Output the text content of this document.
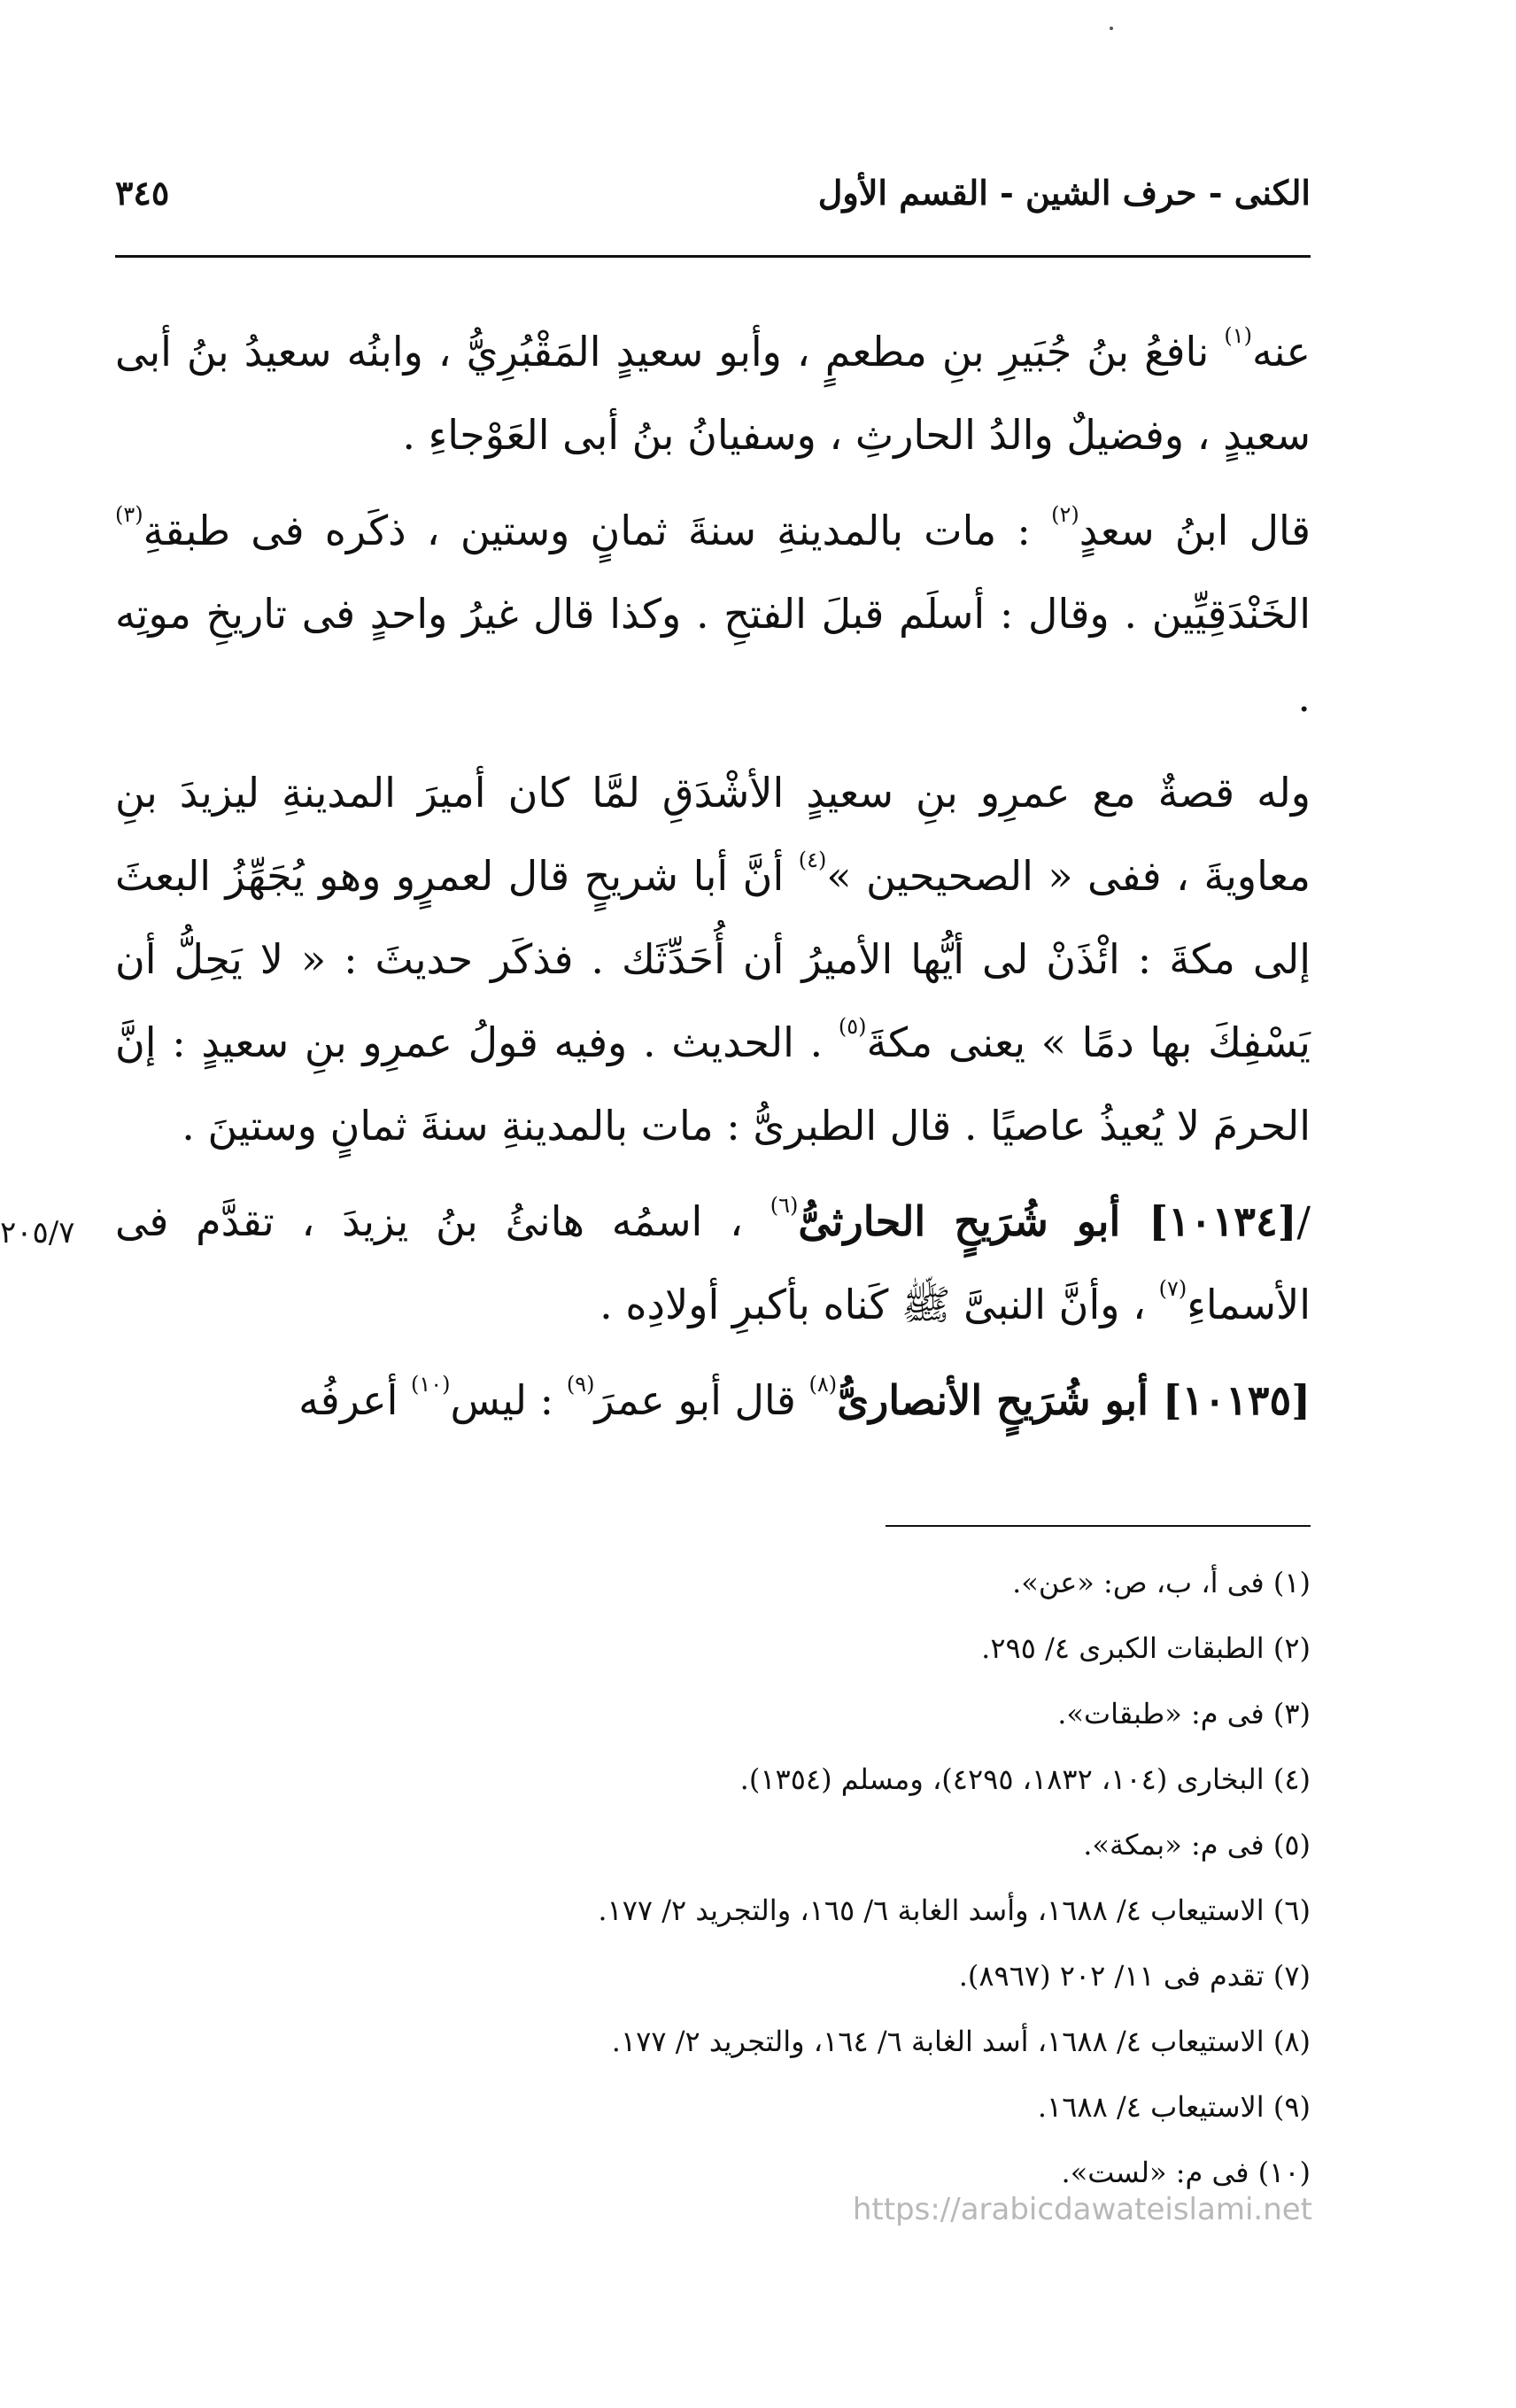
الكنى - حرف الشين - القسم الأول
٣٤٥

عنه$^{(١)}$ نافعُ بنُ جُبَيرِ بنِ مطعمٍ ، وأبو سعيدٍ المَقْبُرِيُّ ، وابنُه سعيدُ بنُ أبى سعيدٍ ، وفضيلٌ والدُ الحارثِ ، وسفيانُ بنُ أبى العَوْجاءِ .

قال ابنُ سعدٍ$^{(٢)}$ : مات بالمدينةِ سنةَ ثمانٍ وستين ، ذكَره فى طبقةِ$^{(٣)}$ الخَنْدَقِيِّين . وقال : أسلَم قبلَ الفتحِ . وكذا قال غيرُ واحدٍ فى تاريخِ موتِه .

وله قصةٌ مع عمرِو بنِ سعيدٍ الأشْدَقِ لمَّا كان أميرَ المدينةِ ليزيدَ بنِ معاويةَ ، ففى « الصحيحين »$^{(٤)}$ أنَّ أبا شريحٍ قال لعمرٍو وهو يُجَهِّزُ البعثَ إلى مكةَ : ائْذَنْ لى أيُّها الأميرُ أن أُحَدِّثَك . فذكَر حديثَ : « لا يَحِلُّ أن يَسْفِكَ بها دمًا » يعنى مكةَ$^{(٥)}$ . الحديث . وفيه قولُ عمرِو بنِ سعيدٍ : إنَّ الحرمَ لا يُعيذُ عاصيًا . قال الطبرىُّ : مات بالمدينةِ سنةَ ثمانٍ وستينَ .

/[١٠١٣٤] أبو شُرَيحٍ الحارثىُّ$^{(٦)}$ ، اسمُه هانئُ بنُ يزيدَ ، تقدَّم فى الأسماءِ$^{(٧)}$ ، وأنَّ النبىَّ ﷺ كَناه بأكبرِ أولادِه .

[١٠١٣٥] أبو شُرَيحٍ الأنصارىُّ$^{(٨)}$ قال أبو عمرَ$^{(٩)}$ : ليس$^{(١٠)}$ أعرفُه

٢٠٥/٧
(١) فى أ، ب، ص: «عن».
(٢) الطبقات الكبرى ٤/ ٢٩٥.
(٣) فى م: «طبقات».
(٤) البخارى (١٠٤، ١٨٣٢، ٤٢٩٥)، ومسلم (١٣٥٤).
(٥) فى م: «بمكة».
(٦) الاستيعاب ٤/ ١٦٨٨، وأسد الغابة ٦/ ١٦٥، والتجريد ٢/ ١٧٧.
(٧) تقدم فى ١١/ ٢٠٢ (٨٩٦٧).
(٨) الاستيعاب ٤/ ١٦٨٨، أسد الغابة ٦/ ١٦٤، والتجريد ٢/ ١٧٧.
(٩) الاستيعاب ٤/ ١٦٨٨.
(١٠) فى م: «لست».
https://arabicdawateislami.net
